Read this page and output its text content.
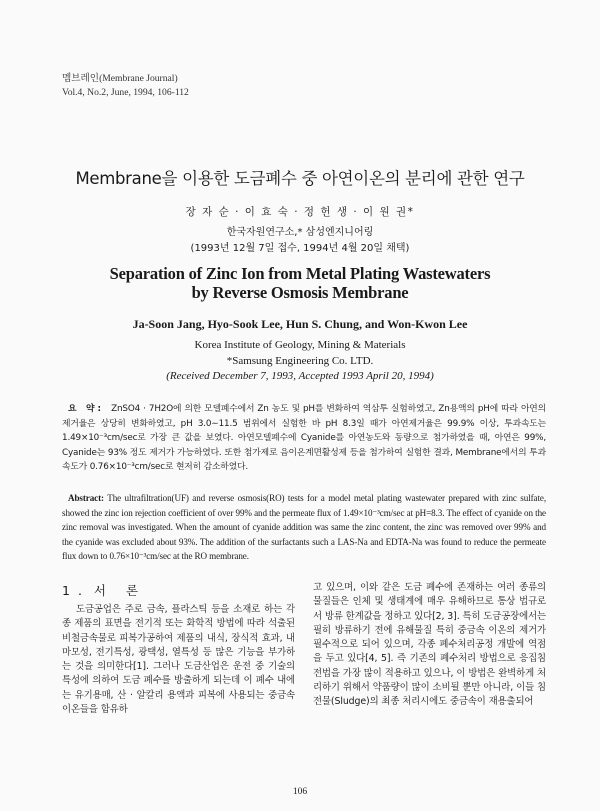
멤브레인(Membrane Journal)
Vol.4, No.2, June, 1994, 106-112
Membrane을 이용한 도금폐수 중 아연이온의 분리에 관한 연구
장 자 순 · 이 효 숙 · 정 헌 생 · 이 원 권*
한국자원연구소,* 삼성엔지니어링
(1993년 12월 7일 접수, 1994년 4월 20일 채택)
Separation of Zinc Ion from Metal Plating Wastewaters
by Reverse Osmosis Membrane
Ja-Soon Jang, Hyo-Sook Lee, Hun S. Chung, and Won-Kwon Lee
Korea Institute of Geology, Mining & Materials
*Samsung Engineering Co. LTD.
(Received December 7, 1993, Accepted 1993 April 20, 1994)
요 약: ZnSO4 · 7H2O에 의한 모델폐수에서 Zn 농도 및 pH를 변화하여 역삼투 실험하였고, Zn용액의 pH에 따라 아연의 제거율은 상당히 변화하였고, pH 3.0∼11.5 범위에서 실험한 바 pH 8.3일 때가 아연제거율은 99.9% 이상, 투과속도는 1.49×10⁻³cm/sec로 가장 큰 값을 보였다. 아연모델폐수에 Cyanide를 아연농도와 동량으로 첨가하였을 때, 아연은 99%, Cyanide는 93% 정도 제거가 가능하였다. 또한 첨가제로 음이온계면활성제 등을 첨가하여 실험한 결과, Membrane에서의 투과속도가 0.76×10⁻³cm/sec로 현저히 감소하였다.
Abstract: The ultrafiltration(UF) and reverse osmosis(RO) tests for a model metal plating wastewater prepared with zinc sulfate, showed the zinc ion rejection coefficient of over 99% and the permeate flux of 1.49×10⁻³cm/sec at pH=8.3. The effect of cyanide on the zinc removal was investigated. When the amount of cyanide addition was same the zinc content, the zinc was removed over 99% and the cyanide was excluded about 93%. The addition of the surfactants such a LAS-Na and EDTA-Na was found to reduce the permeate flux down to 0.76×10⁻³cm/sec at the RO membrane.
1. 서 론
도금공업은 주로 금속, 플라스틱 등을 소재로 하는 각종 제품의 표면을 전기적 또는 화학적 방법에 따라 석출된 비철금속물로 피복가공하여 제품의 내식, 장식적 효과, 내마모성, 전기특성, 광택성, 열특성 등 많은 기능을 부가하는 것을 의미한다[1]. 그러나 도금산업은 운전 중 기술의 특성에 의하여 도금 폐수를 방출하게 되는데 이 폐수 내에는 유기용매, 산 · 알칼리 용액과 피복에 사용되는 중금속 이온들을 함유하
고 있으며, 이와 같은 도금 폐수에 존재하는 여러 종류의 물질들은 인체 및 생태계에 매우 유해하므로 통상 법규로서 방류 한계값을 정하고 있다[2, 3]. 특히 도금공장에서는 필히 방류하기 전에 유해물질 특히 중금속 이온의 제거가 필수적으로 되어 있으며, 각종 폐수처리공정 개발에 역점을 두고 있다[4, 5]. 즉 기존의 폐수처리 방법으로 응집침전법을 가장 많이 적용하고 있으나, 이 방법은 완벽하게 처리하기 위해서 약품량이 많이 소비될 뿐만 아니라, 이들 침전물(Sludge)의 최종 처리시에도 중금속이 재용출되어
106
